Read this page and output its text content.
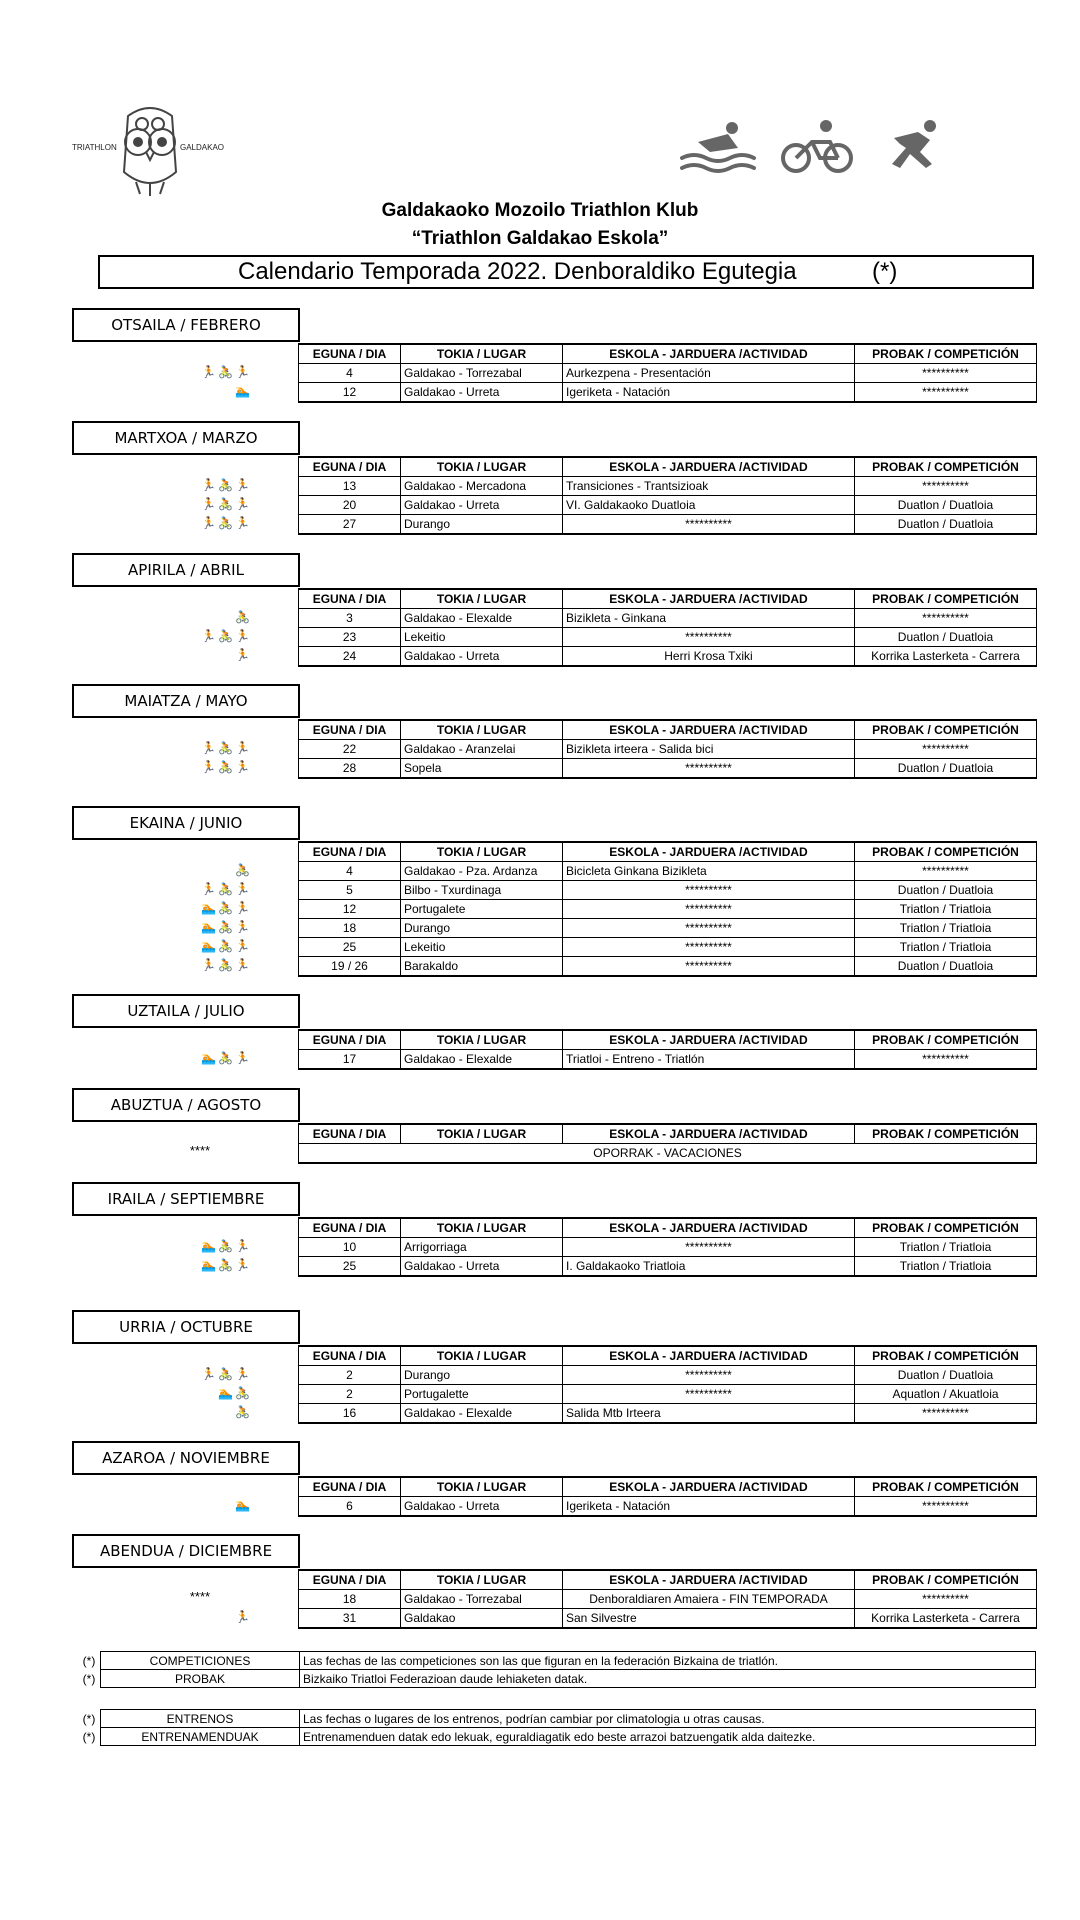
TRIATHLON	GALDAKAO
Galdakaoko Mozoilo Triathlon Klub
“Triathlon Galdakao Eskola”
Calendario Temporada 2022. Denboraldiko Egutegia	(*)
OTSAILA / FEBRERO
🏃🚴🏃
🏊
EGUNA / DIA	TOKIA / LUGAR	ESKOLA - JARDUERA /ACTIVIDAD	PROBAK / COMPETICIÓN
4	Galdakao - Torrezabal	Aurkezpena - Presentación	**********
12	Galdakao - Urreta	Igeriketa - Natación	**********
MARTXOA / MARZO
🏃🚴🏃
🏃🚴🏃
🏃🚴🏃
EGUNA / DIA	TOKIA / LUGAR	ESKOLA - JARDUERA /ACTIVIDAD	PROBAK / COMPETICIÓN
13	Galdakao - Mercadona	Transiciones - Trantsizioak	**********
20	Galdakao - Urreta	VI. Galdakaoko Duatloia	Duatlon / Duatloia
27	Durango	**********	Duatlon / Duatloia
APIRILA / ABRIL
🚴
🏃🚴🏃
🏃
EGUNA / DIA	TOKIA / LUGAR	ESKOLA - JARDUERA /ACTIVIDAD	PROBAK / COMPETICIÓN
3	Galdakao - Elexalde	Bizikleta - Ginkana	**********
23	Lekeitio	**********	Duatlon / Duatloia
24	Galdakao - Urreta	Herri Krosa Txiki	Korrika Lasterketa - Carrera
MAIATZA / MAYO
🏃🚴🏃
🏃🚴🏃
EGUNA / DIA	TOKIA / LUGAR	ESKOLA - JARDUERA /ACTIVIDAD	PROBAK / COMPETICIÓN
22	Galdakao - Aranzelai	Bizikleta irteera - Salida bici	**********
28	Sopela	**********	Duatlon / Duatloia
EKAINA / JUNIO
🚴
🏃🚴🏃
🏊🚴🏃
🏊🚴🏃
🏊🚴🏃
🏃🚴🏃
EGUNA / DIA	TOKIA / LUGAR	ESKOLA - JARDUERA /ACTIVIDAD	PROBAK / COMPETICIÓN
4	Galdakao - Pza. Ardanza	Bicicleta Ginkana Bizikleta	**********
5	Bilbo - Txurdinaga	**********	Duatlon / Duatloia
12	Portugalete	**********	Triatlon / Triatloia
18	Durango	**********	Triatlon / Triatloia
25	Lekeitio	**********	Triatlon / Triatloia
19 / 26	Barakaldo	**********	Duatlon / Duatloia
UZTAILA / JULIO
🏊🚴🏃
EGUNA / DIA	TOKIA / LUGAR	ESKOLA - JARDUERA /ACTIVIDAD	PROBAK / COMPETICIÓN
17	Galdakao - Elexalde	Triatloi - Entreno - Triatlón	**********
ABUZTUA / AGOSTO
****
EGUNA / DIA	TOKIA / LUGAR	ESKOLA - JARDUERA /ACTIVIDAD	PROBAK / COMPETICIÓN
OPORRAK - VACACIONES
IRAILA / SEPTIEMBRE
🏊🚴🏃
🏊🚴🏃
EGUNA / DIA	TOKIA / LUGAR	ESKOLA - JARDUERA /ACTIVIDAD	PROBAK / COMPETICIÓN
10	Arrigorriaga	**********	Triatlon / Triatloia
25	Galdakao - Urreta	I. Galdakaoko Triatloia	Triatlon / Triatloia
URRIA / OCTUBRE
🏃🚴🏃
🏊🚴
🚴
EGUNA / DIA	TOKIA / LUGAR	ESKOLA - JARDUERA /ACTIVIDAD	PROBAK / COMPETICIÓN
2	Durango	**********	Duatlon / Duatloia
2	Portugalette	**********	Aquatlon / Akuatloia
16	Galdakao - Elexalde	Salida Mtb Irteera	**********
AZAROA / NOVIEMBRE
🏊
EGUNA / DIA	TOKIA / LUGAR	ESKOLA - JARDUERA /ACTIVIDAD	PROBAK / COMPETICIÓN
6	Galdakao - Urreta	Igeriketa - Natación	**********
ABENDUA / DICIEMBRE
****
🏃
EGUNA / DIA	TOKIA / LUGAR	ESKOLA - JARDUERA /ACTIVIDAD	PROBAK / COMPETICIÓN
18	Galdakao - Torrezabal	Denboraldiaren Amaiera - FIN TEMPORADA	**********
31	Galdakao	San Silvestre	Korrika Lasterketa - Carrera
(*)	COMPETICIONES	Las fechas de las competiciones son las que figuran en la federación Bizkaina de triatlón.
(*)	PROBAK	Bizkaiko Triatloi Federazioan daude lehiaketen datak.
(*)	ENTRENOS	Las fechas o lugares de los entrenos, podrían cambiar por climatologia u otras causas.
(*)	ENTRENAMENDUAK	Entrenamenduen datak edo lekuak, eguraldiagatik edo beste arrazoi batzuengatik alda daitezke.
